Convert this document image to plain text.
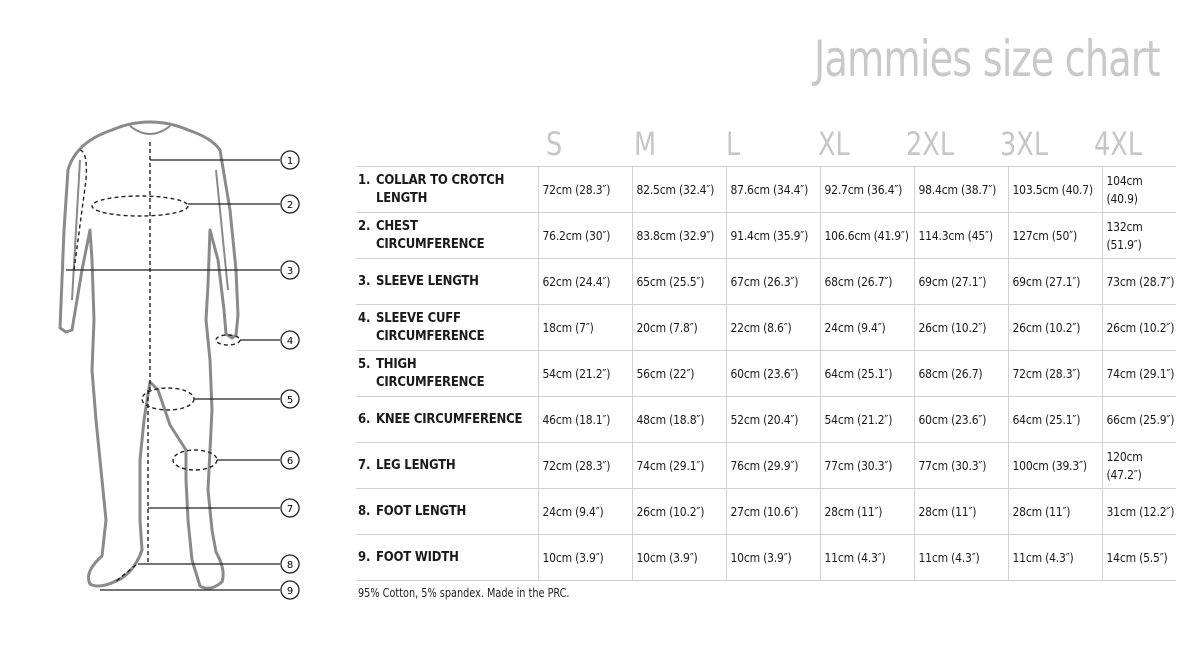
Jammies size chart
1
2
3
4
5
6
7
8
9
S M L XL 2XL 3XL 4XL
1. COLLAR TO CROTCH LENGTH	72cm (28.3″)	82.5cm (32.4″)	87.6cm (34.4″)	92.7cm (36.4″)	98.4cm (38.7″)	103.5cm (40.7)	104cm (40.9)
2. CHEST CIRCUMFERENCE	76.2cm (30″)	83.8cm (32.9″)	91.4cm (35.9″)	106.6cm (41.9″)	114.3cm (45″)	127cm (50″)	132cm (51.9″)
3. SLEEVE LENGTH	62cm (24.4″)	65cm (25.5″)	67cm (26.3″)	68cm (26.7″)	69cm (27.1″)	69cm (27.1″)	73cm (28.7″)
4. SLEEVE CUFF CIRCUMFERENCE	18cm (7″)	20cm (7.8″)	22cm (8.6″)	24cm (9.4″)	26cm (10.2″)	26cm (10.2″)	26cm (10.2″)
5. THIGH CIRCUMFERENCE	54cm (21.2″)	56cm (22″)	60cm (23.6″)	64cm (25.1″)	68cm (26.7)	72cm (28.3″)	74cm (29.1″)
6. KNEE CIRCUMFERENCE	46cm (18.1″)	48cm (18.8″)	52cm (20.4″)	54cm (21.2″)	60cm (23.6″)	64cm (25.1″)	66cm (25.9″)
7. LEG LENGTH	72cm (28.3″)	74cm (29.1″)	76cm (29.9″)	77cm (30.3″)	77cm (30.3″)	100cm (39.3″)	120cm (47.2″)
8. FOOT LENGTH	24cm (9.4″)	26cm (10.2″)	27cm (10.6″)	28cm (11″)	28cm (11″)	28cm (11″)	31cm (12.2″)
9. FOOT WIDTH	10cm (3.9″)	10cm (3.9″)	10cm (3.9″)	11cm (4.3″)	11cm (4.3″)	11cm (4.3″)	14cm (5.5″)
95% Cotton, 5% spandex. Made in the PRC.
